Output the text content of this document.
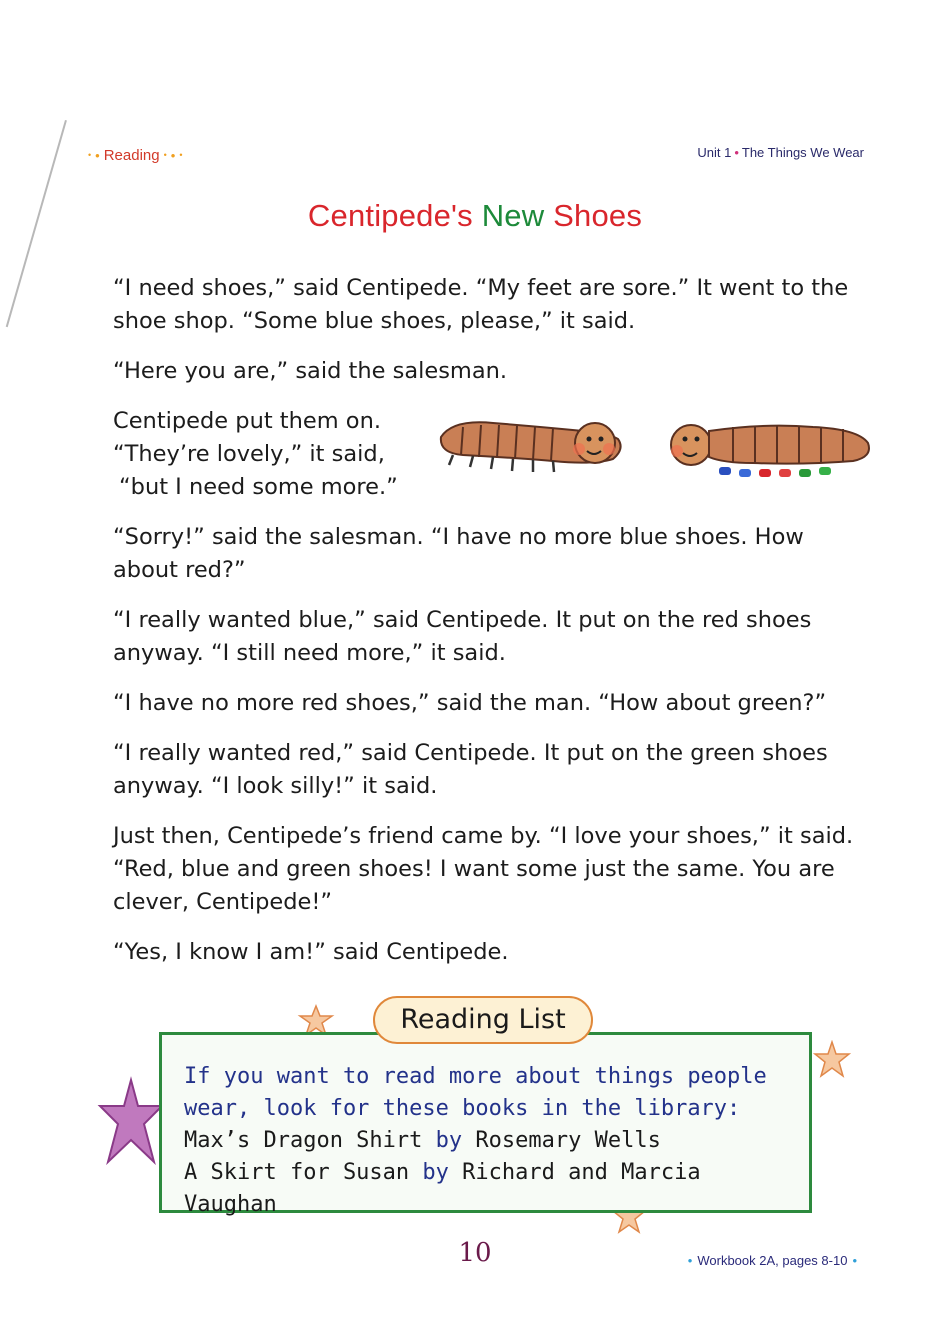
• • Reading • • •	Unit 1 • The Things We Wear
Centipede's New Shoes

“I need shoes,” said Centipede. “My feet are sore.” It went to the shoe shop. “Some blue shoes, please,” it said.

“Here you are,” said the salesman.

Centipede put them on.
“They’re lovely,” it said,
“but I need some more.”

“Sorry!” said the salesman. “I have no more blue shoes. How about red?”

“I really wanted blue,” said Centipede. It put on the red shoes anyway. “I still need more,” it said.

“I have no more red shoes,” said the man. “How about green?”

“I really wanted red,” said Centipede. It put on the green shoes anyway. “I look silly!” it said.

Just then, Centipede’s friend came by. “I love your shoes,” it said. “Red, blue and green shoes! I want some just the same. You are clever, Centipede!”

“Yes, I know I am!” said Centipede.

If you want to read more about things people
wear, look for these books in the library:
Max’s Dragon Shirt by Rosemary Wells
A Skirt for Susan by Richard and Marcia Vaughan
Reading List
10	• Workbook 2A, pages 8-10 •
